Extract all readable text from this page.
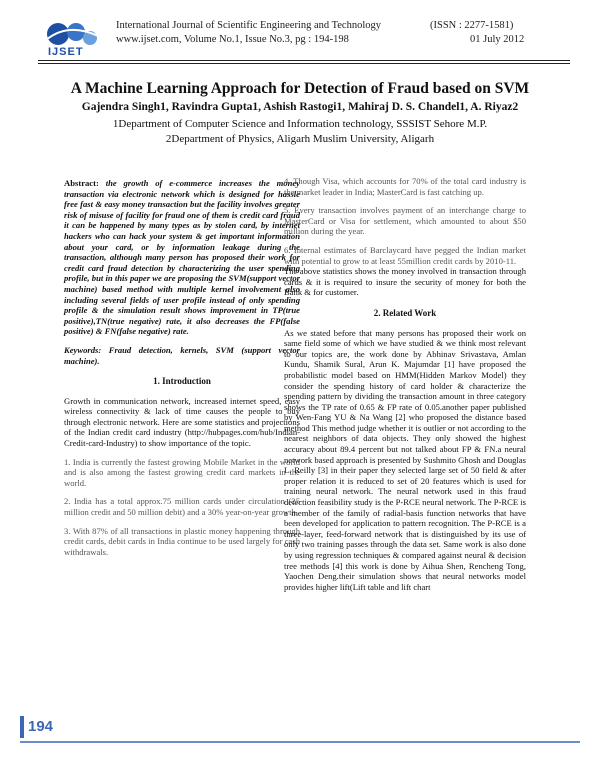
IJSET
International Journal of Scientific Engineering and Technology	(ISSN : 2277-1581)
www.ijset.com, Volume No.1, Issue No.3, pg : 194-198	01 July 2012
A Machine Learning Approach for Detection of Fraud based on SVM
Gajendra Singh1, Ravindra Gupta1, Ashish Rastogi1, Mahiraj D. S. Chandel1, A. Riyaz2
1Department of Computer Science and Information technology, SSSIST Sehore M.P.
2Department of Physics, Aligarh Muslim University, Aligarh

Abstract: the growth of e-commerce increases the money transaction via electronic network which is designed for hassle free fast & easy money transaction but the facility involves greater risk of misuse of facility for fraud one of them is credit card fraud it can be happened by many types as by stolen card, by internet hackers who can hack your system & get important information about your card, or by information leakage during the transaction, although many person has proposed their work for credit card fraud detection by characterizing the user spending profile, but in this paper we are proposing the SVM(support vector machine) based method with multiple kernel involvement also including several fields of user profile instead of only spending profile & the simulation result shows improvement in TP(true positive),TN(true negative) rate, it also decreases the FP(false positive) & FN(false negative) rate.

Keywords: Fraud detection, kernels, SVM (support vector machine).

1. Introduction

Growth in communication network, increased internet speed, easy wireless connectivity & lack of time causes the people to buy through electronic network. Here are some statistics and projections of the Indian credit card industry (http://hubpages.com/hub/Indian-Credit-card-Industry) to show importance of the topic.

1. India is currently the fastest growing Mobile Market in the world and is also among the fastest growing credit card markets in the world.

2. India has a total approx.75 million cards under circulation (25 million credit and 50 million debit) and a 30% year-on-year growth.

3. With 87% of all transactions in plastic money happening through credit cards, debit cards in India continue to be used largely for cash withdrawals.

4. Though Visa, which accounts for 70% of the total card industry is the market leader in India; MasterCard is fast catching up.

5. Every transaction involves payment of an interchange charge to MasterCard or Visa for settlement, which amounted to about $50 million during the year.

6. Internal estimates of Barclaycard have pegged the Indian market with potential to grow to at least 55million credit cards by 2010-11.

The above statistics shows the money involved in transaction through cards & it is required to insure the security of money for both the Bank & for customer.

2. Related Work

As we stated before that many persons has proposed their work on same field some of which we have studied & we think most relevant to our topics are, the work done by Abhinav Srivastava, Amlan Kundu, Shamik Sural, Arun K. Majumdar [1] have proposed the probabilistic model based on HMM(Hidden Markov Model) they consider the spending history of card holder & characterize the spending pattern by dividing the transaction amount in three category shows the TP rate of 0.65 & FP rate of 0.05.another paper published by Wen-Fang YU & Na Wang [2] who proposed the distance based method This method judge whether it is outlier or not according to the nearest neighbors of data objects. They only showed the highest accuracy about 89.4 percent but not talked about FP & FN.a neural network based approach is presented by Sushmito Ghosh and Douglas L. Reilly [3] in their paper they selected large set of 50 field & after proper relation it is reduced to set of 20 features which is used for training neural network. The neural network used in this fraud detection feasibility study is the P-RCE neural network. The P-RCE is a member of the family of radial-basis function networks that have been developed for application to pattern recognition. The P-RCE is a three-layer, feed-forward network that is distinguished by its use of only two training passes through the data set. Same work is also done by using regression techniques & compared against neural & decision tree methods [4] this work is done by Aihua Shen, Rencheng Tong, Yaochen Deng.their simulation shows that neural networks model provides higher lift(Lift table and lift chart

194
